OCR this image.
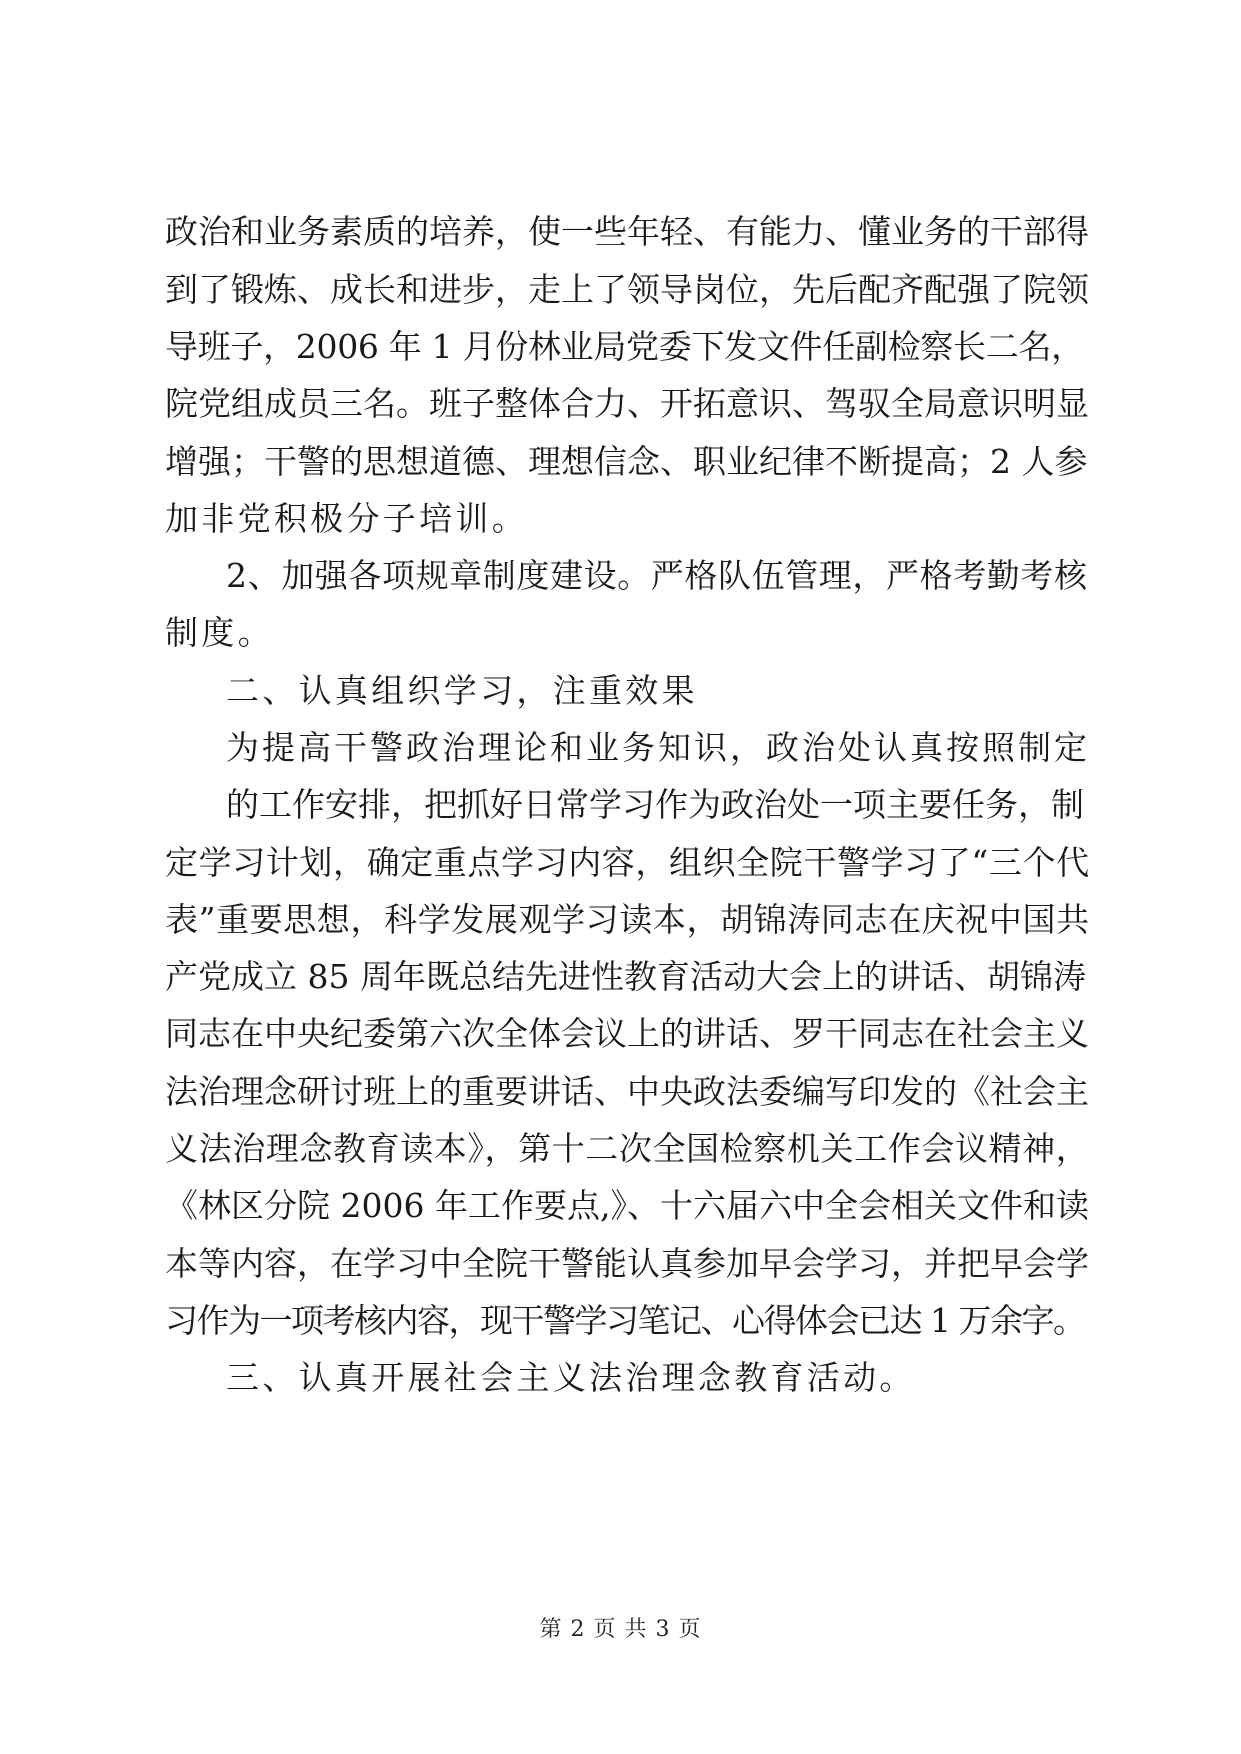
政治和业务素质的培养，使一些年轻、有能力、懂业务的干部得
到了锻炼、成长和进步，走上了领导岗位，先后配齐配强了院领
导班子，2006 年 1 月份林业局党委下发文件任副检察长二名，
院党组成员三名。班子整体合力、开拓意识、驾驭全局意识明显
增强；干警的思想道德、理想信念、职业纪律不断提高；2 人参
加非党积极分子培训。
2、加强各项规章制度建设。严格队伍管理，严格考勤考核
制度。
二、认真组织学习，注重效果
为提高干警政治理论和业务知识，政治处认真按照制定
的工作安排，把抓好日常学习作为政治处一项主要任务，制
定学习计划，确定重点学习内容，组织全院干警学习了“三个代
表”重要思想，科学发展观学习读本，胡锦涛同志在庆祝中国共
产党成立 85 周年既总结先进性教育活动大会上的讲话、胡锦涛
同志在中央纪委第六次全体会议上的讲话、罗干同志在社会主义
法治理念研讨班上的重要讲话、中央政法委编写印发的《社会主
义法治理念教育读本》，第十二次全国检察机关工作会议精神，
《林区分院 2006 年工作要点,》、十六届六中全会相关文件和读
本等内容，在学习中全院干警能认真参加早会学习，并把早会学
习作为一项考核内容，现干警学习笔记、心得体会已达 1 万余字。
三、认真开展社会主义法治理念教育活动。
第 2 页 共 3 页
